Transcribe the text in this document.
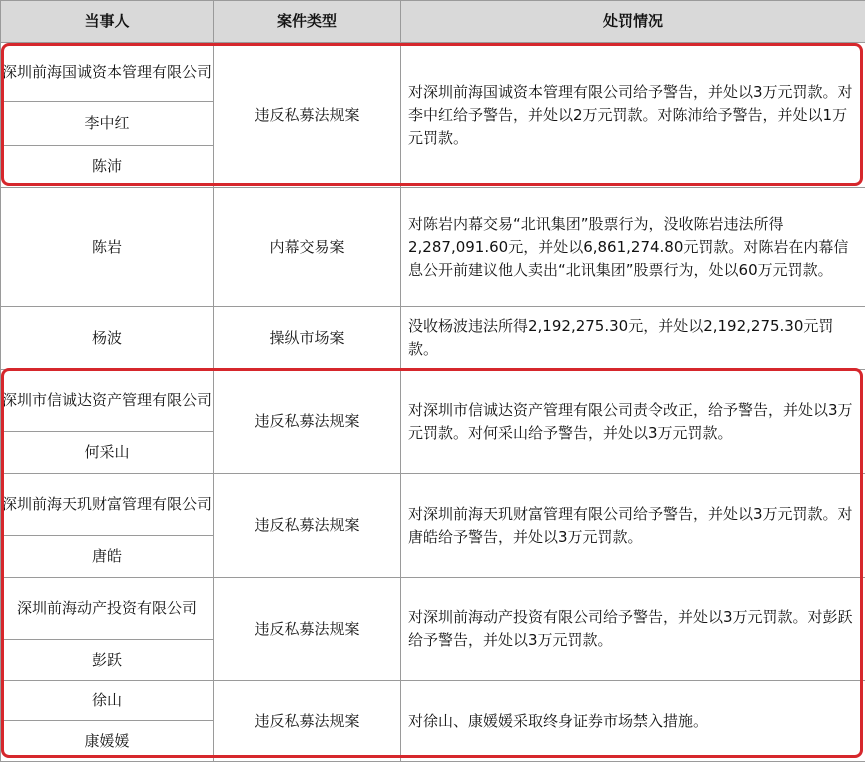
当事人	案件类型	处罚情况
深圳前海国诚资本管理有限公司	违反私募法规案	对深圳前海国诚资本管理有限公司给予警告，并处以3万元罚款。对李中红给予警告，并处以2万元罚款。对陈沛给予警告，并处以1万元罚款。
李中红		
陈沛		
陈岩	内幕交易案	对陈岩内幕交易“北讯集团”股票行为，没收陈岩违法所得2,287,091.60元，并处以6,861,274.80元罚款。对陈岩在内幕信息公开前建议他人卖出“北讯集团”股票行为，处以60万元罚款。
杨波	操纵市场案	没收杨波违法所得2,192,275.30元，并处以2,192,275.30元罚款。
深圳市信诚达资产管理有限公司	违反私募法规案	对深圳市信诚达资产管理有限公司责令改正，给予警告，并处以3万元罚款。对何采山给予警告，并处以3万元罚款。
何采山		
深圳前海天玑财富管理有限公司	违反私募法规案	对深圳前海天玑财富管理有限公司给予警告，并处以3万元罚款。对唐皓给予警告，并处以3万元罚款。
唐皓		
深圳前海动产投资有限公司	违反私募法规案	对深圳前海动产投资有限公司给予警告，并处以3万元罚款。对彭跃给予警告，并处以3万元罚款。
彭跃		
徐山	违反私募法规案	对徐山、康媛媛采取终身证券市场禁入措施。
康媛媛		
